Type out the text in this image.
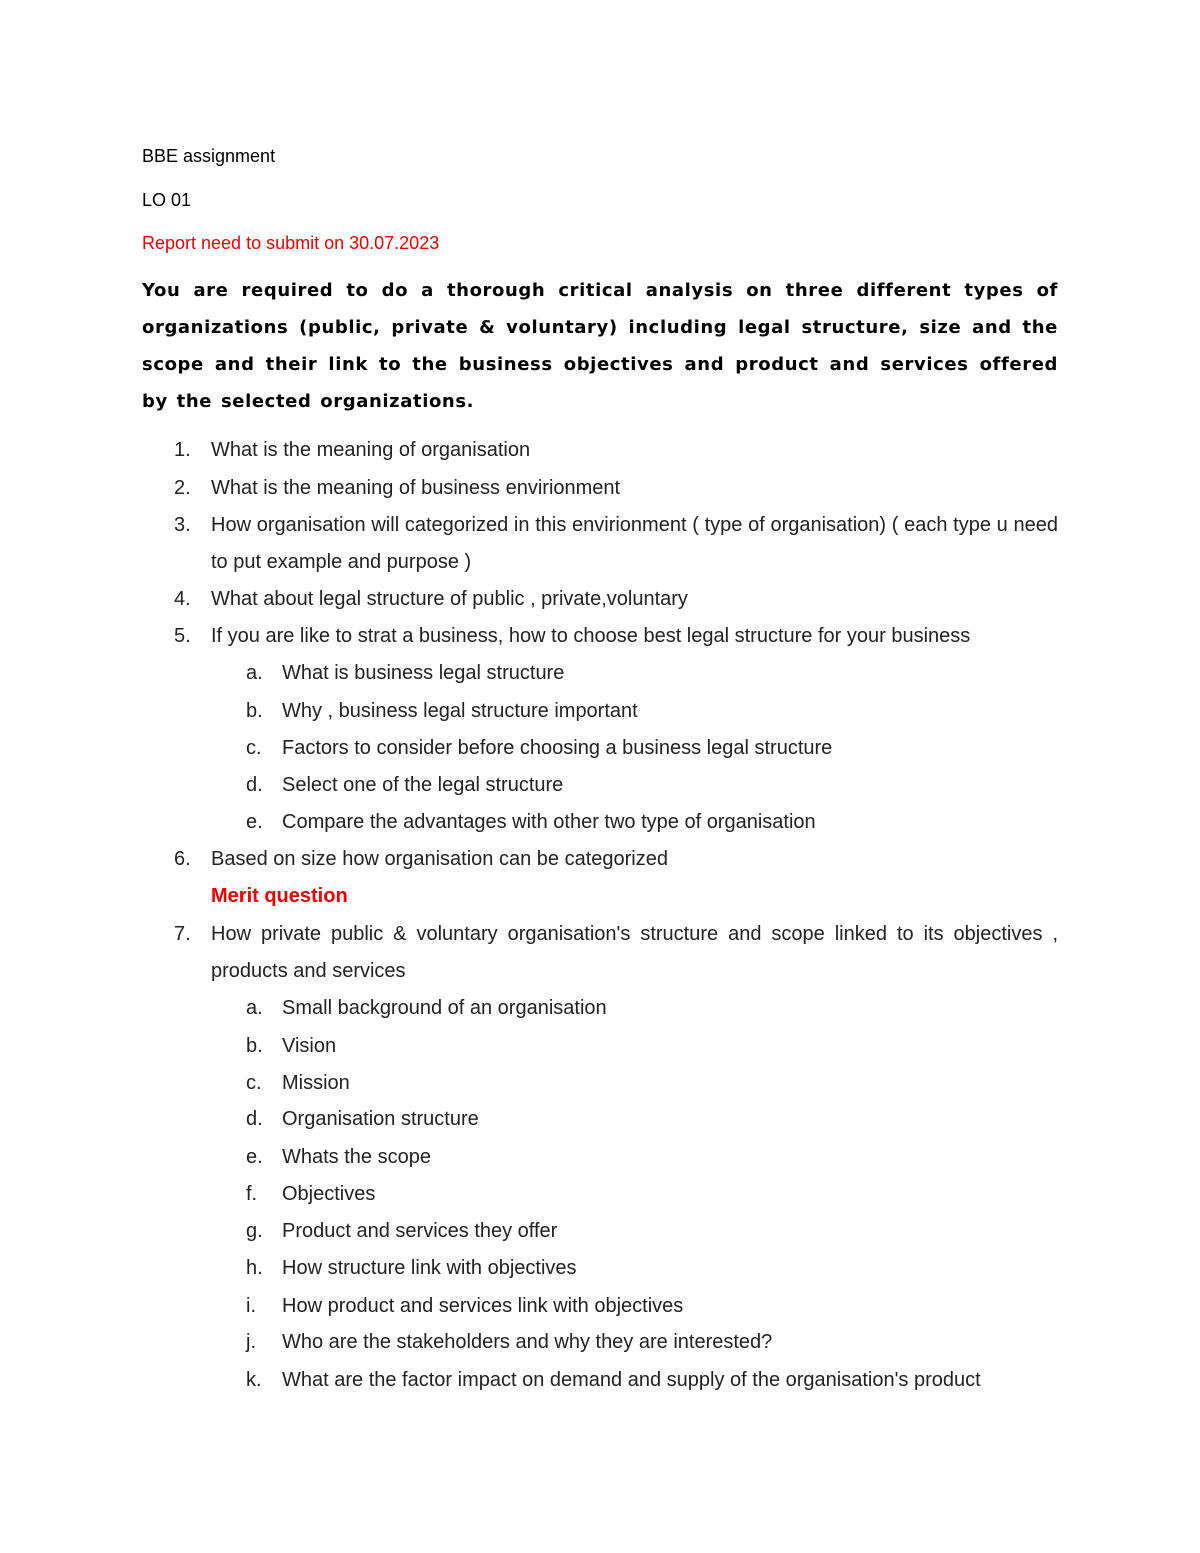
BBE assignment
LO 01
Report need to submit on 30.07.2023
You are required to do a thorough critical analysis on three different types of organizations (public, private & voluntary) including legal structure, size and the scope and their link to the business objectives and product and services offered by the selected organizations.
1.	What is the meaning of organisation
2.	What is the meaning of business envirionment
3.	How organisation will categorized in this envirionment ( type of organisation) ( each type u need to put example and purpose )
4.	What about legal structure of public , private,voluntary
5.	If you are like to strat a business, how to choose best legal structure for your business
a. What is business legal structure
b. Why , business legal structure important
c.	Factors to consider before choosing a business legal structure
d. Select one of the legal structure
e. Compare the advantages with other two type of organisation
6.	Based on size how organisation can be categorized
Merit question
7.	How private public & voluntary organisation's structure and scope linked to its objectives , products and services
a. Small background of an organisation
b. Vision
c.	Mission
d. Organisation structure
e. Whats the scope
f.	Objectives
g. Product and services they offer
h. How structure link with objectives
i.	How product and services link with objectives
j.	Who are the stakeholders and why they are interested?
k.	What are the factor impact on demand and supply of the organisation's product
